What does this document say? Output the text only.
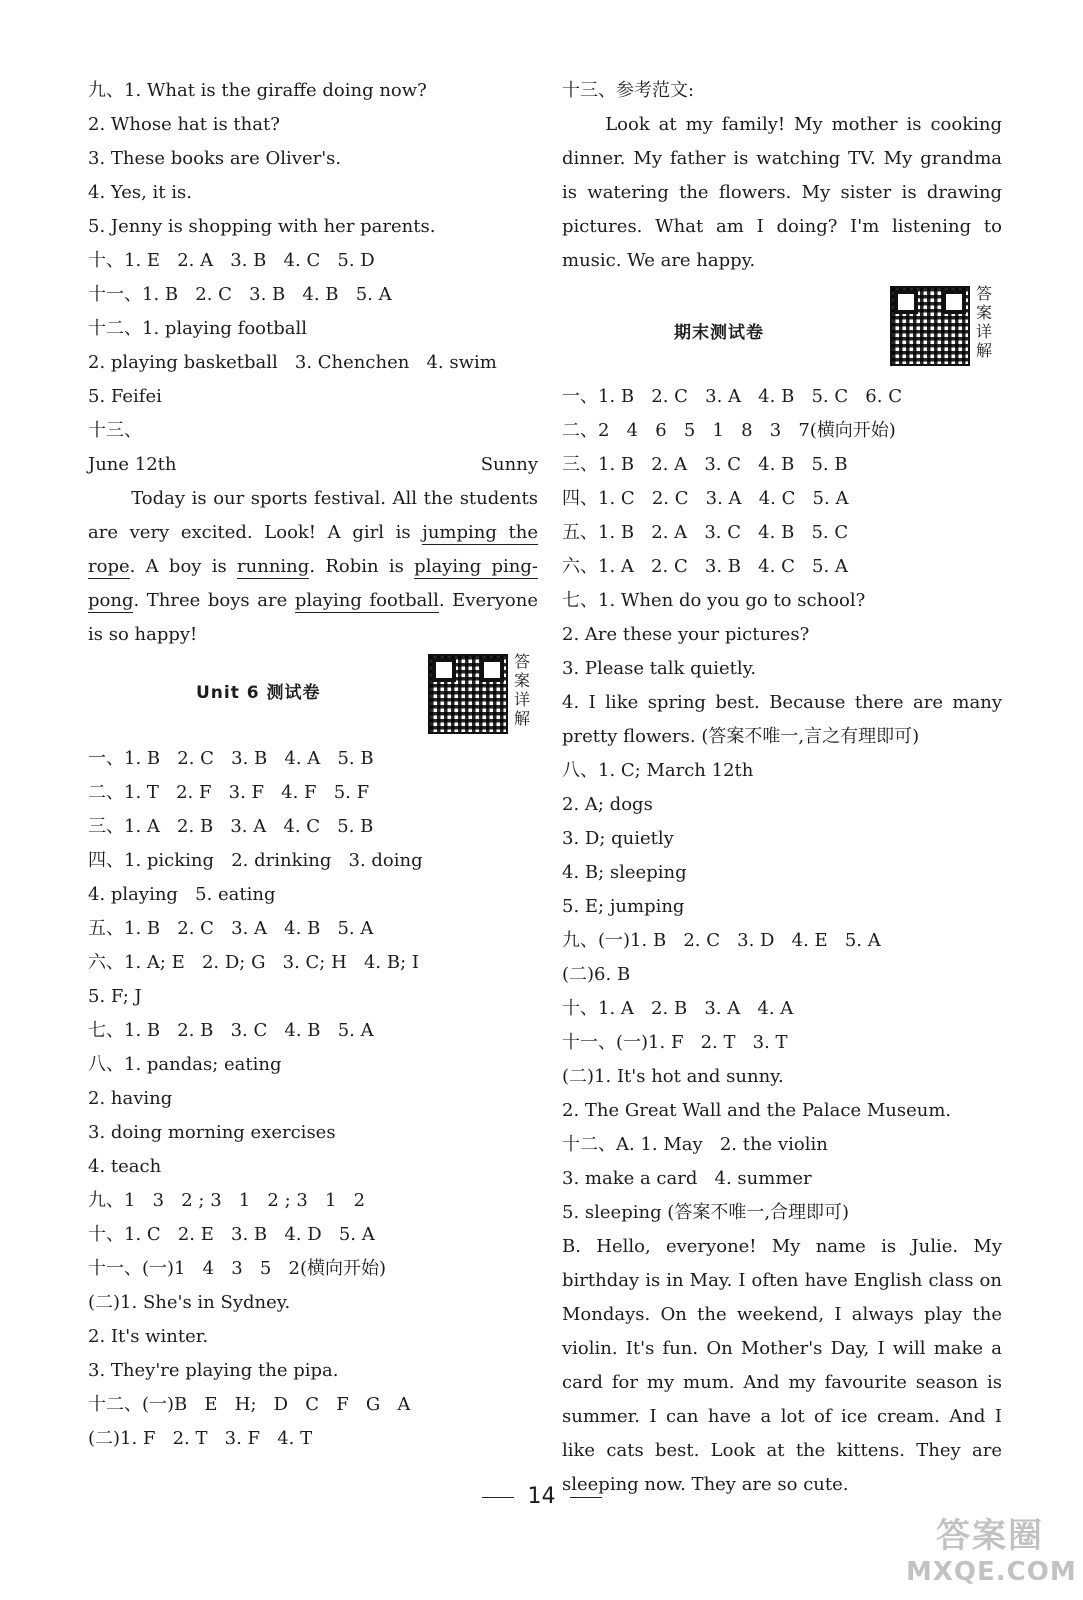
九、1. What is the giraffe doing now?
2. Whose hat is that?
3. These books are Oliver's.
4. Yes, it is.
5. Jenny is shopping with her parents.
十、1. E   2. A   3. B   4. C   5. D
十一、1. B   2. C   3. B   4. B   5. A
十二、1. playing football
2. playing basketball   3. Chenchen   4. swim
5. Feifei
十三、
June 12th	Sunny
Today is our sports festival. All the students are very excited. Look! A girl is jumping the rope. A boy is running. Robin is playing ping-pong. Three boys are playing football. Everyone is so happy!
Unit 6 测试卷
答案详解
一、1. B   2. C   3. B   4. A   5. B
二、1. T   2. F   3. F   4. F   5. F
三、1. A   2. B   3. A   4. C   5. B
四、1. picking   2. drinking   3. doing
4. playing   5. eating
五、1. B   2. C   3. A   4. B   5. A
六、1. A; E   2. D; G   3. C; H   4. B; I
5. F; J
七、1. B   2. B   3. C   4. B   5. A
八、1. pandas; eating
2. having
3. doing morning exercises
4. teach
九、1   3   2 ; 3   1   2 ; 3   1   2
十、1. C   2. E   3. B   4. D   5. A
十一、(一)1   4   3   5   2(横向开始)
(二)1. She's in Sydney.
2. It's winter.
3. They're playing the pipa.
十二、(一)B   E   H;   D   C   F   G   A
(二)1. F   2. T   3. F   4. T
十三、参考范文:
Look at my family! My mother is cooking dinner. My father is watching TV. My grandma is watering the flowers. My sister is drawing pictures. What am I doing? I'm listening to music. We are happy.
期末测试卷
答案详解
一、1. B   2. C   3. A   4. B   5. C   6. C
二、2   4   6   5   1   8   3   7(横向开始)
三、1. B   2. A   3. C   4. B   5. B
四、1. C   2. C   3. A   4. C   5. A
五、1. B   2. A   3. C   4. B   5. C
六、1. A   2. C   3. B   4. C   5. A
七、1. When do you go to school?
2. Are these your pictures?
3. Please talk quietly.
4. I like spring best. Because there are many pretty flowers. (答案不唯一,言之有理即可)
八、1. C; March 12th
2. A; dogs
3. D; quietly
4. B; sleeping
5. E; jumping
九、(一)1. B   2. C   3. D   4. E   5. A
(二)6. B
十、1. A   2. B   3. A   4. A
十一、(一)1. F   2. T   3. T
(二)1. It's hot and sunny.
2. The Great Wall and the Palace Museum.
十二、A. 1. May   2. the violin
3. make a card   4. summer
5. sleeping (答案不唯一,合理即可)
B. Hello, everyone! My name is Julie. My birthday is in May. I often have English class on Mondays. On the weekend, I always play the violin. It's fun. On Mother's Day, I will make a card for my mum. And my favourite season is summer. I can have a lot of ice cream. And I like cats best. Look at the kittens. They are sleeping now. They are so cute.
14
答案圈
MXQE.COM
